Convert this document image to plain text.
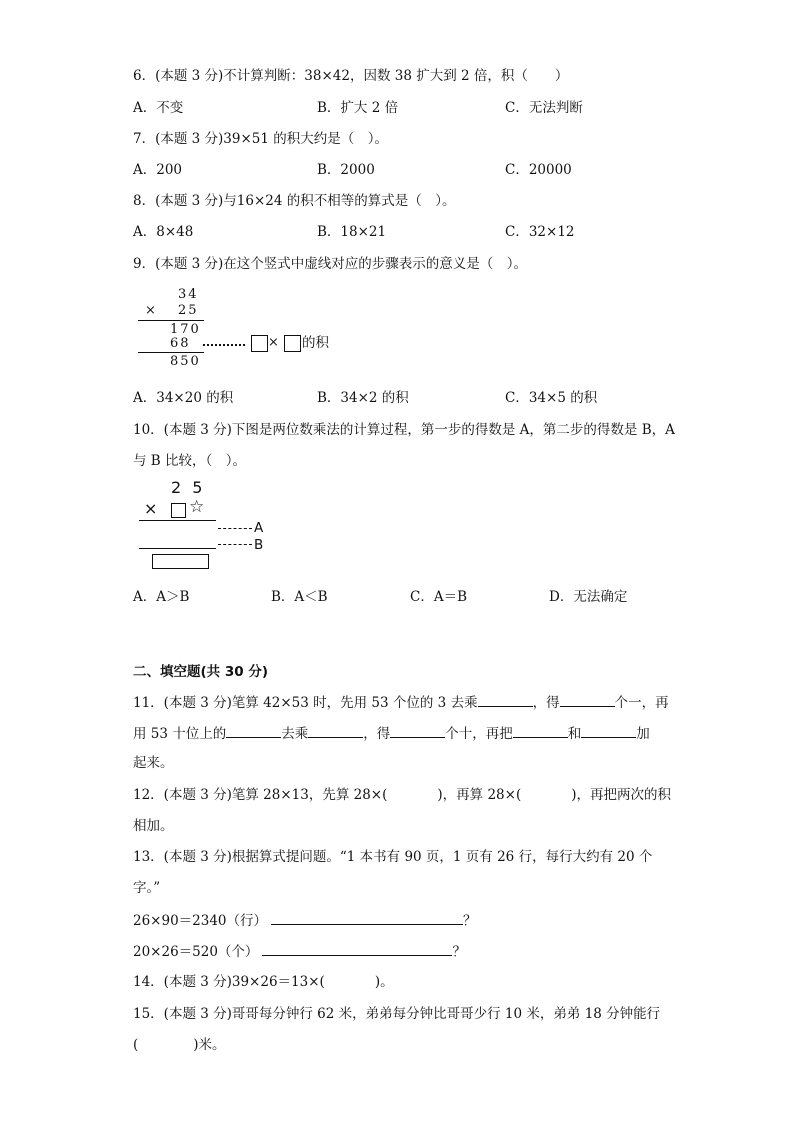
6．(本题 3 分)不计算判断：38×42，因数 38 扩大到 2 倍，积（　　）
A．不变	B．扩大 2 倍	C．无法判断
7．(本题 3 分)39×51 的积大约是（　）。
A．200	B．2000	C．20000
8．(本题 3 分)与16×24 的积不相等的算式是（　）。
A．8×48	B．18×21	C．32×12
9．(本题 3 分)在这个竖式中虚线对应的步骤表示的意义是（　）。
34
× 25
170
68
850
× 的积
A．34×20 的积	B．34×2 的积	C．34×5 的积
10．(本题 3 分)下图是两位数乘法的计算过程，第一步的得数是 A，第二步的得数是 B，A
与 B 比较，（　）。
2 5
× ☆
A
B
A．A＞B	B．A＜B	C．A＝B	D．无法确定
二、填空题(共 30 分)
11．(本题 3 分)笔算 42×53 时，先用 53 个位的 3 去乘	，得	个一，再
用 53 十位上的	去乘	，得	个十，再把	和	加
起来。
12．(本题 3 分)笔算 28×13，先算 28×(	)，再算 28×(	)，再把两次的积
相加。
13．(本题 3 分)根据算式提问题。“1 本书有 90 页，1 页有 26 行，每行大约有 20 个
字。”
26×90＝2340（行）	？
20×26＝520（个）	？
14．(本题 3 分)39×26＝13×(	)。
15．(本题 3 分)哥哥每分钟行 62 米，弟弟每分钟比哥哥少行 10 米，弟弟 18 分钟能行
(	)米。
